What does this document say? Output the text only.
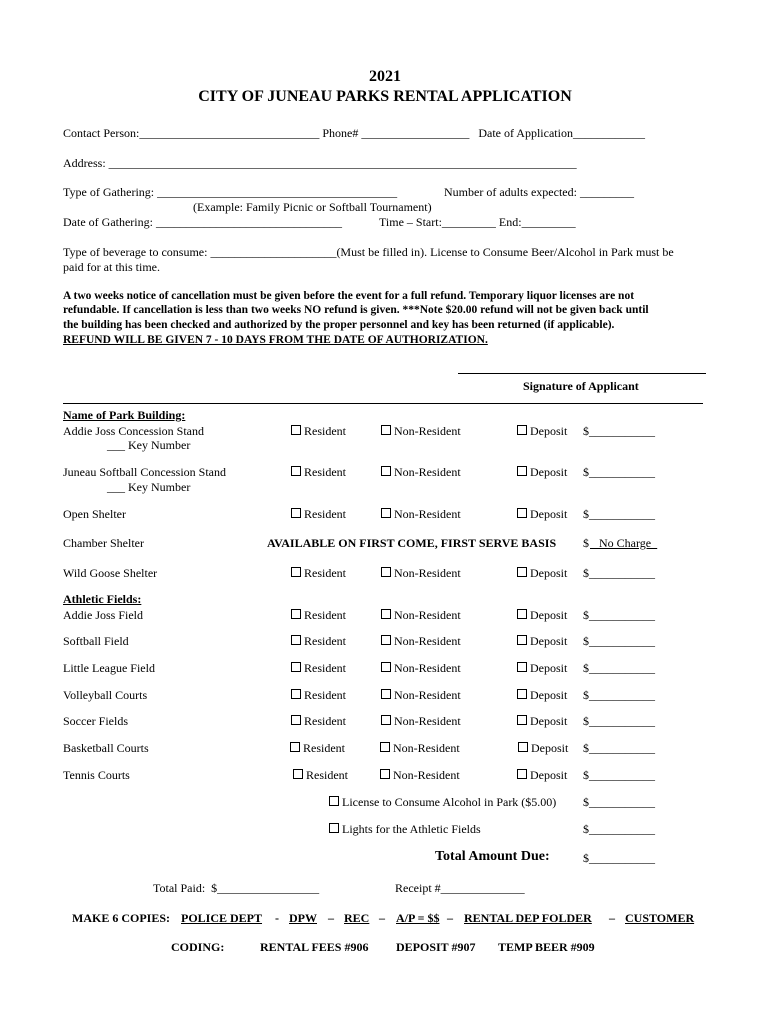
2021
CITY OF JUNEAU PARKS RENTAL APPLICATION
Contact Person:______________________________ Phone# __________________   Date of Application____________
Address: ______________________________________________________________________________
Type of Gathering: ________________________________________	Number of adults expected: _________
(Example: Family Picnic or Softball Tournament)
Date of Gathering: _______________________________	Time – Start:_________ End:_________
Type of beverage to consume: _____________________(Must be filled in). License to Consume Beer/Alcohol in Park must be
paid for at this time.
A two weeks notice of cancellation must be given before the event for a full refund. Temporary liquor licenses are not
refundable. If cancellation is less than two weeks NO refund is given. ***Note $20.00 refund will not be given back until
the building has been checked and authorized by the proper personnel and key has been returned (if applicable).
REFUND WILL BE GIVEN 7 - 10 DAYS FROM THE DATE OF AUTHORIZATION.
Signature of Applicant
Name of Park Building:
Addie Joss Concession Stand
___ Key Number
Resident	Non-Resident	Deposit $___________
Juneau Softball Concession Stand
___ Key Number
Resident	Non-Resident	Deposit $___________
Open Shelter	Resident	Non-Resident	Deposit $___________
Chamber Shelter	AVAILABLE ON FIRST COME, FIRST SERVE BASIS $ No Charge_
Wild Goose Shelter	Resident	Non-Resident	Deposit $___________
Athletic Fields:
Addie Joss Field	Resident	Non-Resident	Deposit $___________
Softball Field	Resident	Non-Resident	Deposit $___________
Little League Field	Resident	Non-Resident	Deposit $___________
Volleyball Courts	Resident	Non-Resident	Deposit $___________
Soccer Fields	Resident	Non-Resident	Deposit $___________
Basketball Courts	Resident	Non-Resident	Deposit $___________
Tennis Courts	Resident	Non-Resident	Deposit $___________
License to Consume Alcohol in Park ($5.00) $___________
Lights for the Athletic Fields	$___________
Total Amount Due:	$___________
Total Paid:  $_________________	Receipt #______________
MAKE 6 COPIES: POLICE DEPT - DPW – REC – A/P = $$ – RENTAL DEP FOLDER – CUSTOMER
CODING:	RENTAL FEES #906 DEPOSIT #907 TEMP BEER #909
